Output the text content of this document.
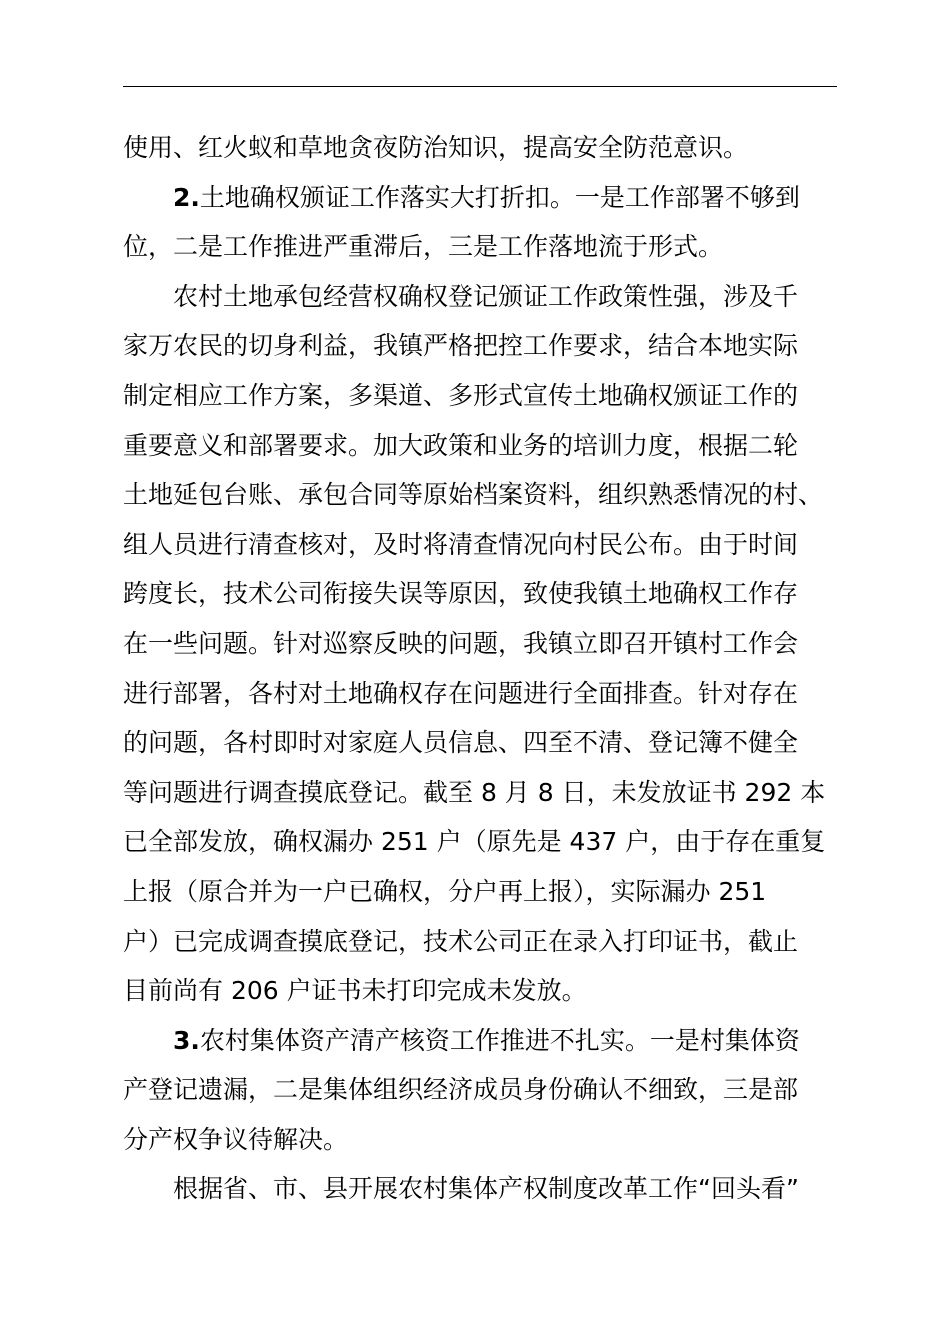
使用、红火蚁和草地贪夜防治知识，提高安全防范意识。
2.土地确权颁证工作落实大打折扣。一是工作部署不够到
位，二是工作推进严重滞后，三是工作落地流于形式。
农村土地承包经营权确权登记颁证工作政策性强，涉及千
家万农民的切身利益，我镇严格把控工作要求，结合本地实际
制定相应工作方案，多渠道、多形式宣传土地确权颁证工作的
重要意义和部署要求。加大政策和业务的培训力度，根据二轮
土地延包台账、承包合同等原始档案资料，组织熟悉情况的村、
组人员进行清查核对，及时将清查情况向村民公布。由于时间
跨度长，技术公司衔接失误等原因，致使我镇土地确权工作存
在一些问题。针对巡察反映的问题，我镇立即召开镇村工作会
进行部署，各村对土地确权存在问题进行全面排查。针对存在
的问题，各村即时对家庭人员信息、四至不清、登记簿不健全
等问题进行调查摸底登记。截至 8 月 8 日，未发放证书 292 本
已全部发放，确权漏办 251 户（原先是 437 户，由于存在重复
上报（原合并为一户已确权，分户再上报），实际漏办 251
户）已完成调查摸底登记，技术公司正在录入打印证书，截止
目前尚有 206 户证书未打印完成未发放。
3.农村集体资产清产核资工作推进不扎实。一是村集体资
产登记遗漏，二是集体组织经济成员身份确认不细致，三是部
分产权争议待解决。
根据省、市、县开展农村集体产权制度改革工作“回头看”
